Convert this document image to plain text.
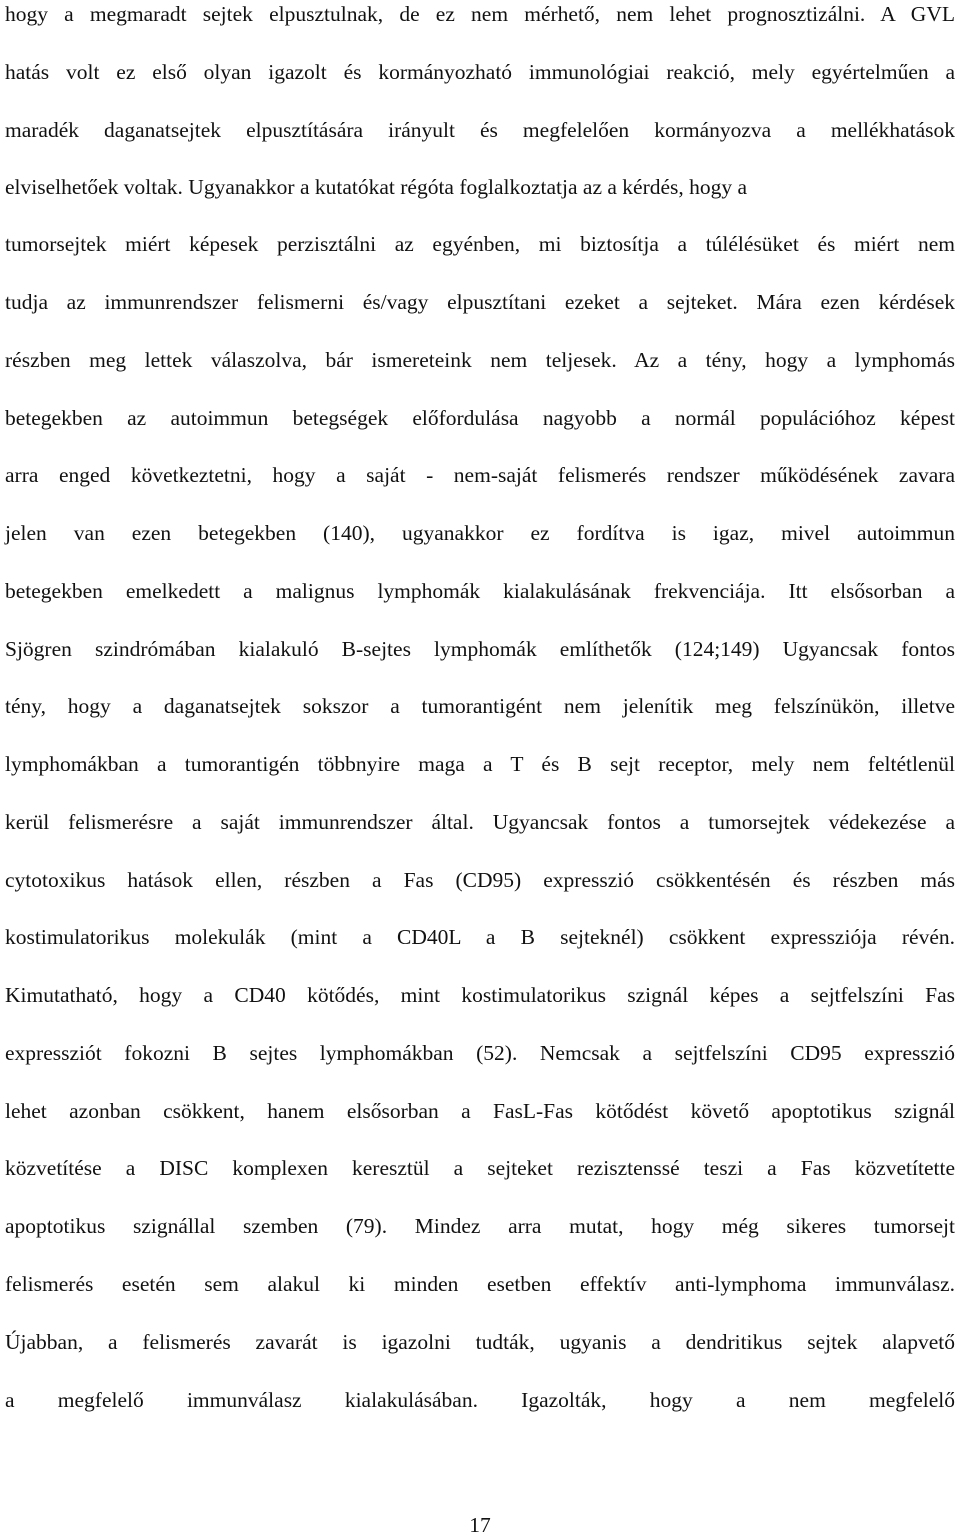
hogy a megmaradt sejtek elpusztulnak, de ez nem mérhető, nem lehet prognosztizálni. A GVL
hatás volt ez első olyan igazolt és kormányozható immunológiai reakció, mely egyértelműen a
maradék daganatsejtek elpusztítására irányult és megfelelően kormányozva a mellékhatások
elviselhetőek voltak. Ugyanakkor a kutatókat régóta foglalkoztatja az a kérdés, hogy a
tumorsejtek miért képesek perzisztálni az egyénben, mi biztosítja a túlélésüket és miért nem
tudja az immunrendszer felismerni és/vagy elpusztítani ezeket a sejteket. Mára ezen kérdések
részben meg lettek válaszolva, bár ismereteink nem teljesek. Az a tény, hogy a lymphomás
betegekben az autoimmun betegségek előfordulása nagyobb a normál populációhoz képest
arra enged következtetni, hogy a saját - nem-saját felismerés rendszer működésének zavara
jelen van ezen betegekben (140), ugyanakkor ez fordítva is igaz, mivel autoimmun
betegekben emelkedett a malignus lymphomák kialakulásának frekvenciája. Itt elsősorban a
Sjögren szindrómában kialakuló B-sejtes lymphomák említhetők (124;149) Ugyancsak fontos
tény, hogy a daganatsejtek sokszor a tumorantigént nem jelenítik meg felszínükön, illetve
lymphomákban a tumorantigén többnyire maga a T és B sejt receptor, mely nem feltétlenül
kerül felismerésre a saját immunrendszer által. Ugyancsak fontos a tumorsejtek védekezése a
cytotoxikus hatások ellen, részben a Fas (CD95) expresszió csökkentésén és részben más
kostimulatorikus molekulák (mint a CD40L a B sejteknél) csökkent expressziója révén.
Kimutatható, hogy a CD40 kötődés, mint kostimulatorikus szignál képes a sejtfelszíni Fas
expressziót fokozni B sejtes lymphomákban (52). Nemcsak a sejtfelszíni CD95 expresszió
lehet azonban csökkent, hanem elsősorban a FasL-Fas kötődést követő apoptotikus szignál
közvetítése a DISC komplexen keresztül a sejteket rezisztenssé teszi a Fas közvetítette
apoptotikus szignállal szemben (79). Mindez arra mutat, hogy még sikeres tumorsejt
felismerés esetén sem alakul ki minden esetben effektív anti-lymphoma immunválasz.
Újabban, a felismerés zavarát is igazolni tudták, ugyanis a dendritikus sejtek alapvető
a megfelelő immunválasz kialakulásában. Igazolták, hogy a nem megfelelő
17
